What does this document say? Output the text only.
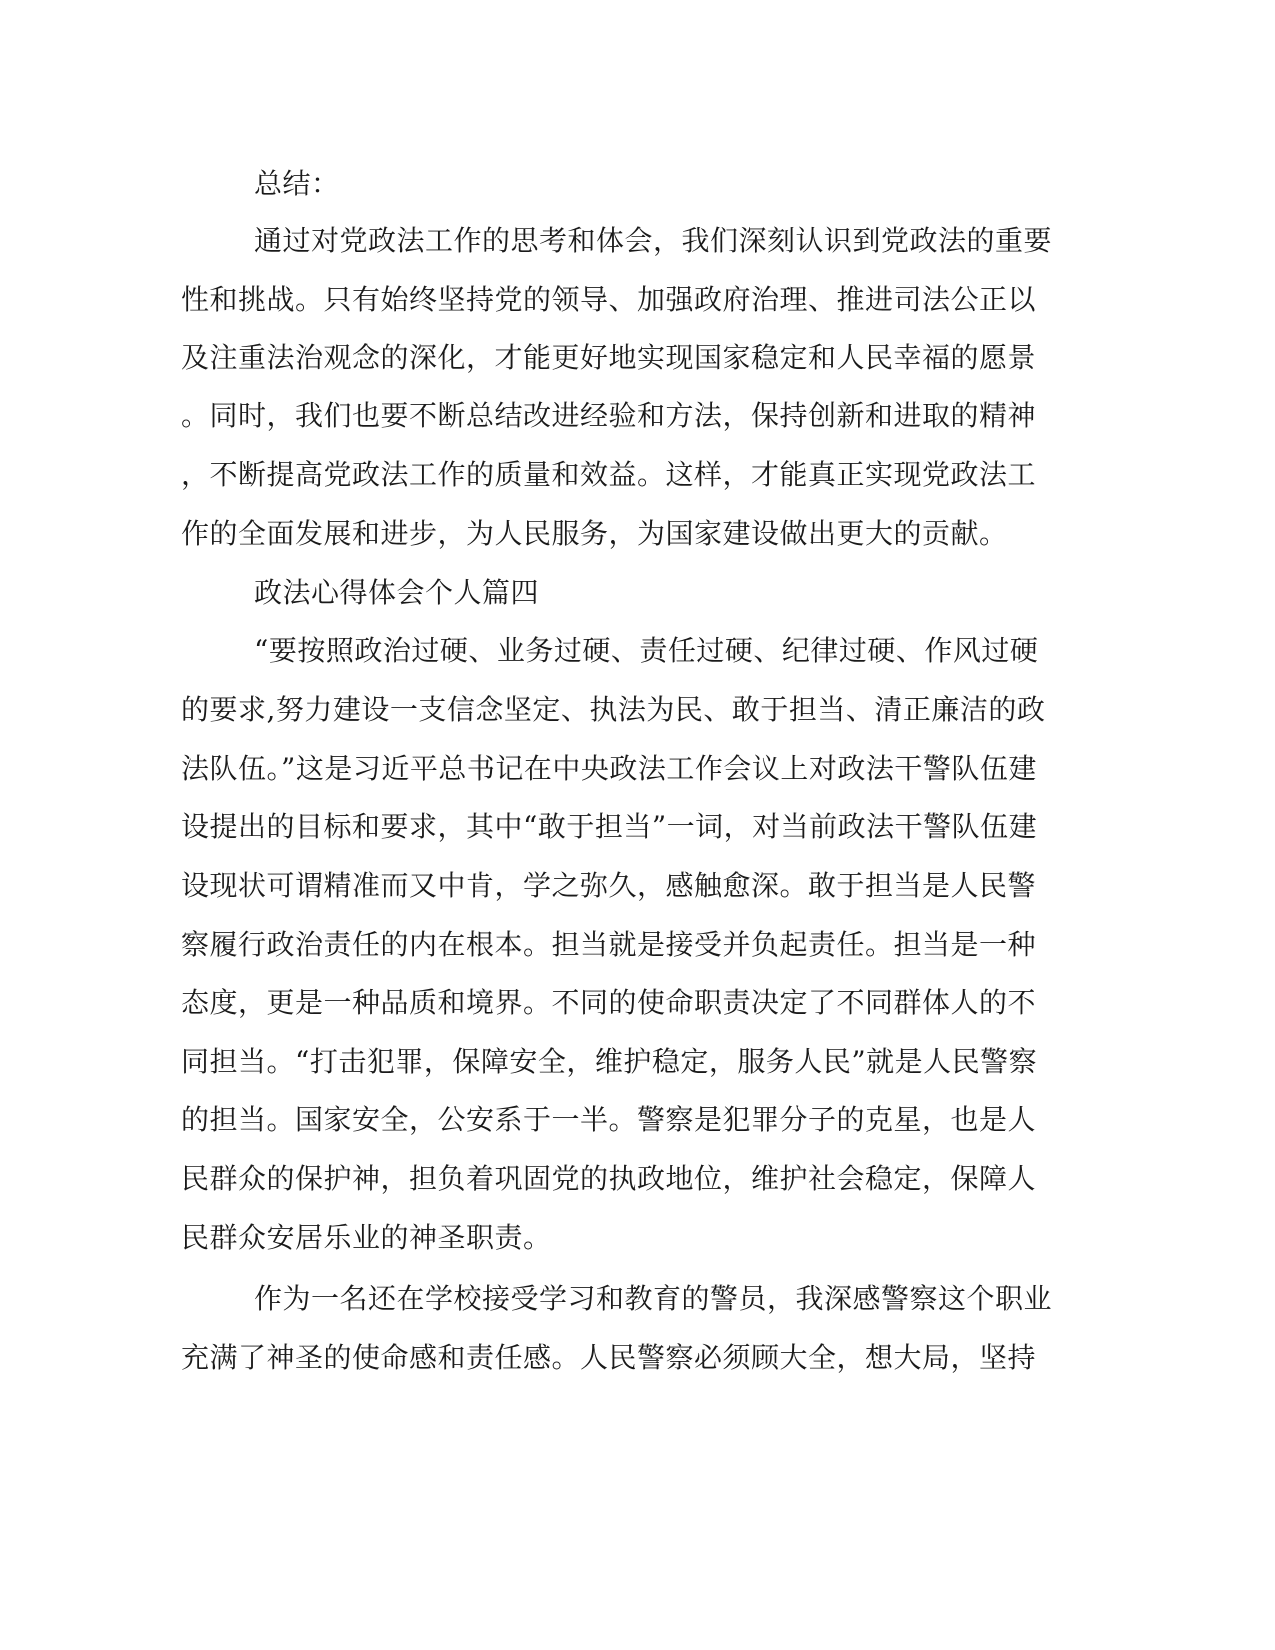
总结：
通过对党政法工作的思考和体会，我们深刻认识到党政法的重要
性和挑战。只有始终坚持党的领导、加强政府治理、推进司法公正以
及注重法治观念的深化，才能更好地实现国家稳定和人民幸福的愿景
。同时，我们也要不断总结改进经验和方法，保持创新和进取的精神
，不断提高党政法工作的质量和效益。这样，才能真正实现党政法工
作的全面发展和进步，为人民服务，为国家建设做出更大的贡献。
政法心得体会个人篇四
“要按照政治过硬、业务过硬、责任过硬、纪律过硬、作风过硬
的要求,努力建设一支信念坚定、执法为民、敢于担当、清正廉洁的政
法队伍。”这是习近平总书记在中央政法工作会议上对政法干警队伍建
设提出的目标和要求，其中“敢于担当”一词，对当前政法干警队伍建
设现状可谓精准而又中肯，学之弥久，感触愈深。敢于担当是人民警
察履行政治责任的内在根本。担当就是接受并负起责任。担当是一种
态度，更是一种品质和境界。不同的使命职责决定了不同群体人的不
同担当。“打击犯罪，保障安全，维护稳定，服务人民”就是人民警察
的担当。国家安全，公安系于一半。警察是犯罪分子的克星，也是人
民群众的保护神，担负着巩固党的执政地位，维护社会稳定，保障人
民群众安居乐业的神圣职责。
作为一名还在学校接受学习和教育的警员，我深感警察这个职业
充满了神圣的使命感和责任感。人民警察必须顾大全，想大局，坚持
